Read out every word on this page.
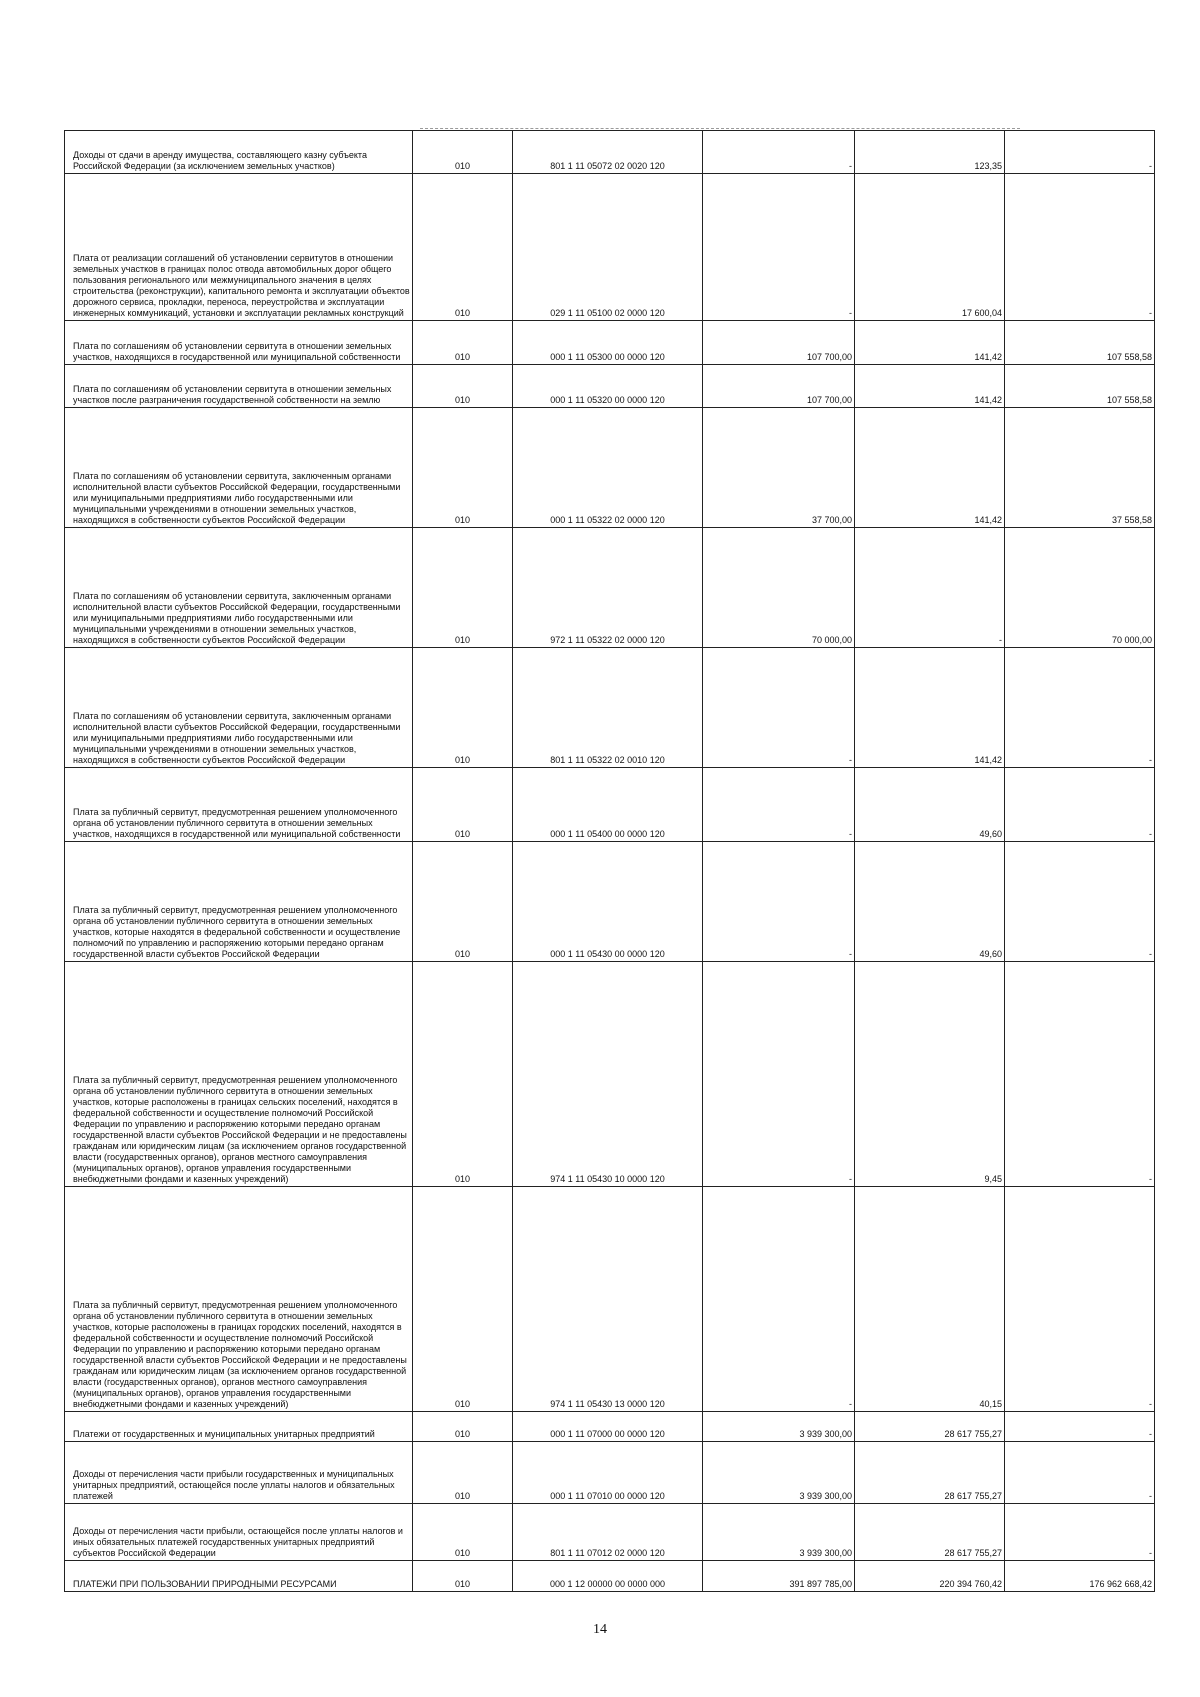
Доходы от сдачи в аренду имущества, составляющего казну субъекта Российской Федерации (за исключением земельных участков)	010	801 1 11 05072 02 0020 120	-	123,35	-

Плата от реализации соглашений об установлении сервитутов в отношении земельных участков в границах полос отвода автомобильных дорог общего пользования регионального или межмуниципального значения в целях строительства (реконструкции), капитального ремонта и эксплуатации объектов дорожного сервиса, прокладки, переноса, переустройства и эксплуатации инженерных коммуникаций, установки и эксплуатации рекламных конструкций	010	029 1 11 05100 02 0000 120	-	17 600,04	-

Плата по соглашениям об установлении сервитута в отношении земельных участков, находящихся в государственной или муниципальной собственности	010	000 1 11 05300 00 0000 120	107 700,00	141,42	107 558,58

Плата по соглашениям об установлении сервитута в отношении земельных участков после разграничения государственной собственности на землю	010	000 1 11 05320 00 0000 120	107 700,00	141,42	107 558,58

Плата по соглашениям об установлении сервитута, заключенным органами исполнительной власти субъектов Российской Федерации, государственными или муниципальными предприятиями либо государственными или муниципальными учреждениями в отношении земельных участков, находящихся в собственности субъектов Российской Федерации	010	000 1 11 05322 02 0000 120	37 700,00	141,42	37 558,58

Плата по соглашениям об установлении сервитута, заключенным органами исполнительной власти субъектов Российской Федерации, государственными или муниципальными предприятиями либо государственными или муниципальными учреждениями в отношении земельных участков, находящихся в собственности субъектов Российской Федерации	010	972 1 11 05322 02 0000 120	70 000,00	-	70 000,00

Плата по соглашениям об установлении сервитута, заключенным органами исполнительной власти субъектов Российской Федерации, государственными или муниципальными предприятиями либо государственными или муниципальными учреждениями в отношении земельных участков, находящихся в собственности субъектов Российской Федерации	010	801 1 11 05322 02 0010 120	-	141,42	-

Плата за публичный сервитут, предусмотренная решением уполномоченного органа об установлении публичного сервитута в отношении земельных участков, находящихся в государственной или муниципальной собственности	010	000 1 11 05400 00 0000 120	-	49,60	-

Плата за публичный сервитут, предусмотренная решением уполномоченного органа об установлении публичного сервитута в отношении земельных участков, которые находятся в федеральной собственности и осуществление полномочий по управлению и распоряжению которыми передано органам государственной власти субъектов Российской Федерации	010	000 1 11 05430 00 0000 120	-	49,60	-

Плата за публичный сервитут, предусмотренная решением уполномоченного органа об установлении публичного сервитута в отношении земельных участков, которые расположены в границах сельских поселений, находятся в федеральной собственности и осуществление полномочий Российской Федерации по управлению и распоряжению которыми передано органам государственной власти субъектов Российской Федерации и не предоставлены гражданам или юридическим лицам (за исключением органов государственной власти (государственных органов), органов местного самоуправления (муниципальных органов), органов управления государственными внебюджетными фондами и казенных учреждений)	010	974 1 11 05430 10 0000 120	-	9,45	-

Плата за публичный сервитут, предусмотренная решением уполномоченного органа об установлении публичного сервитута в отношении земельных участков, которые расположены в границах городских поселений, находятся в федеральной собственности и осуществление полномочий Российской Федерации по управлению и распоряжению которыми передано органам государственной власти субъектов Российской Федерации и не предоставлены гражданам или юридическим лицам (за исключением органов государственной власти (государственных органов), органов местного самоуправления (муниципальных органов), органов управления государственными внебюджетными фондами и казенных учреждений)	010	974 1 11 05430 13 0000 120	-	40,15	-

Платежи от государственных и муниципальных унитарных предприятий	010	000 1 11 07000 00 0000 120	3 939 300,00	28 617 755,27	-

Доходы от перечисления части прибыли государственных и муниципальных унитарных предприятий, остающейся после уплаты налогов и обязательных платежей	010	000 1 11 07010 00 0000 120	3 939 300,00	28 617 755,27	-

Доходы от перечисления части прибыли, остающейся после уплаты налогов и иных обязательных платежей государственных унитарных предприятий субъектов Российской Федерации	010	801 1 11 07012 02 0000 120	3 939 300,00	28 617 755,27	-

ПЛАТЕЖИ ПРИ ПОЛЬЗОВАНИИ ПРИРОДНЫМИ РЕСУРСАМИ	010	000 1 12 00000 00 0000 000	391 897 785,00	220 394 760,42	176 962 668,42
14
